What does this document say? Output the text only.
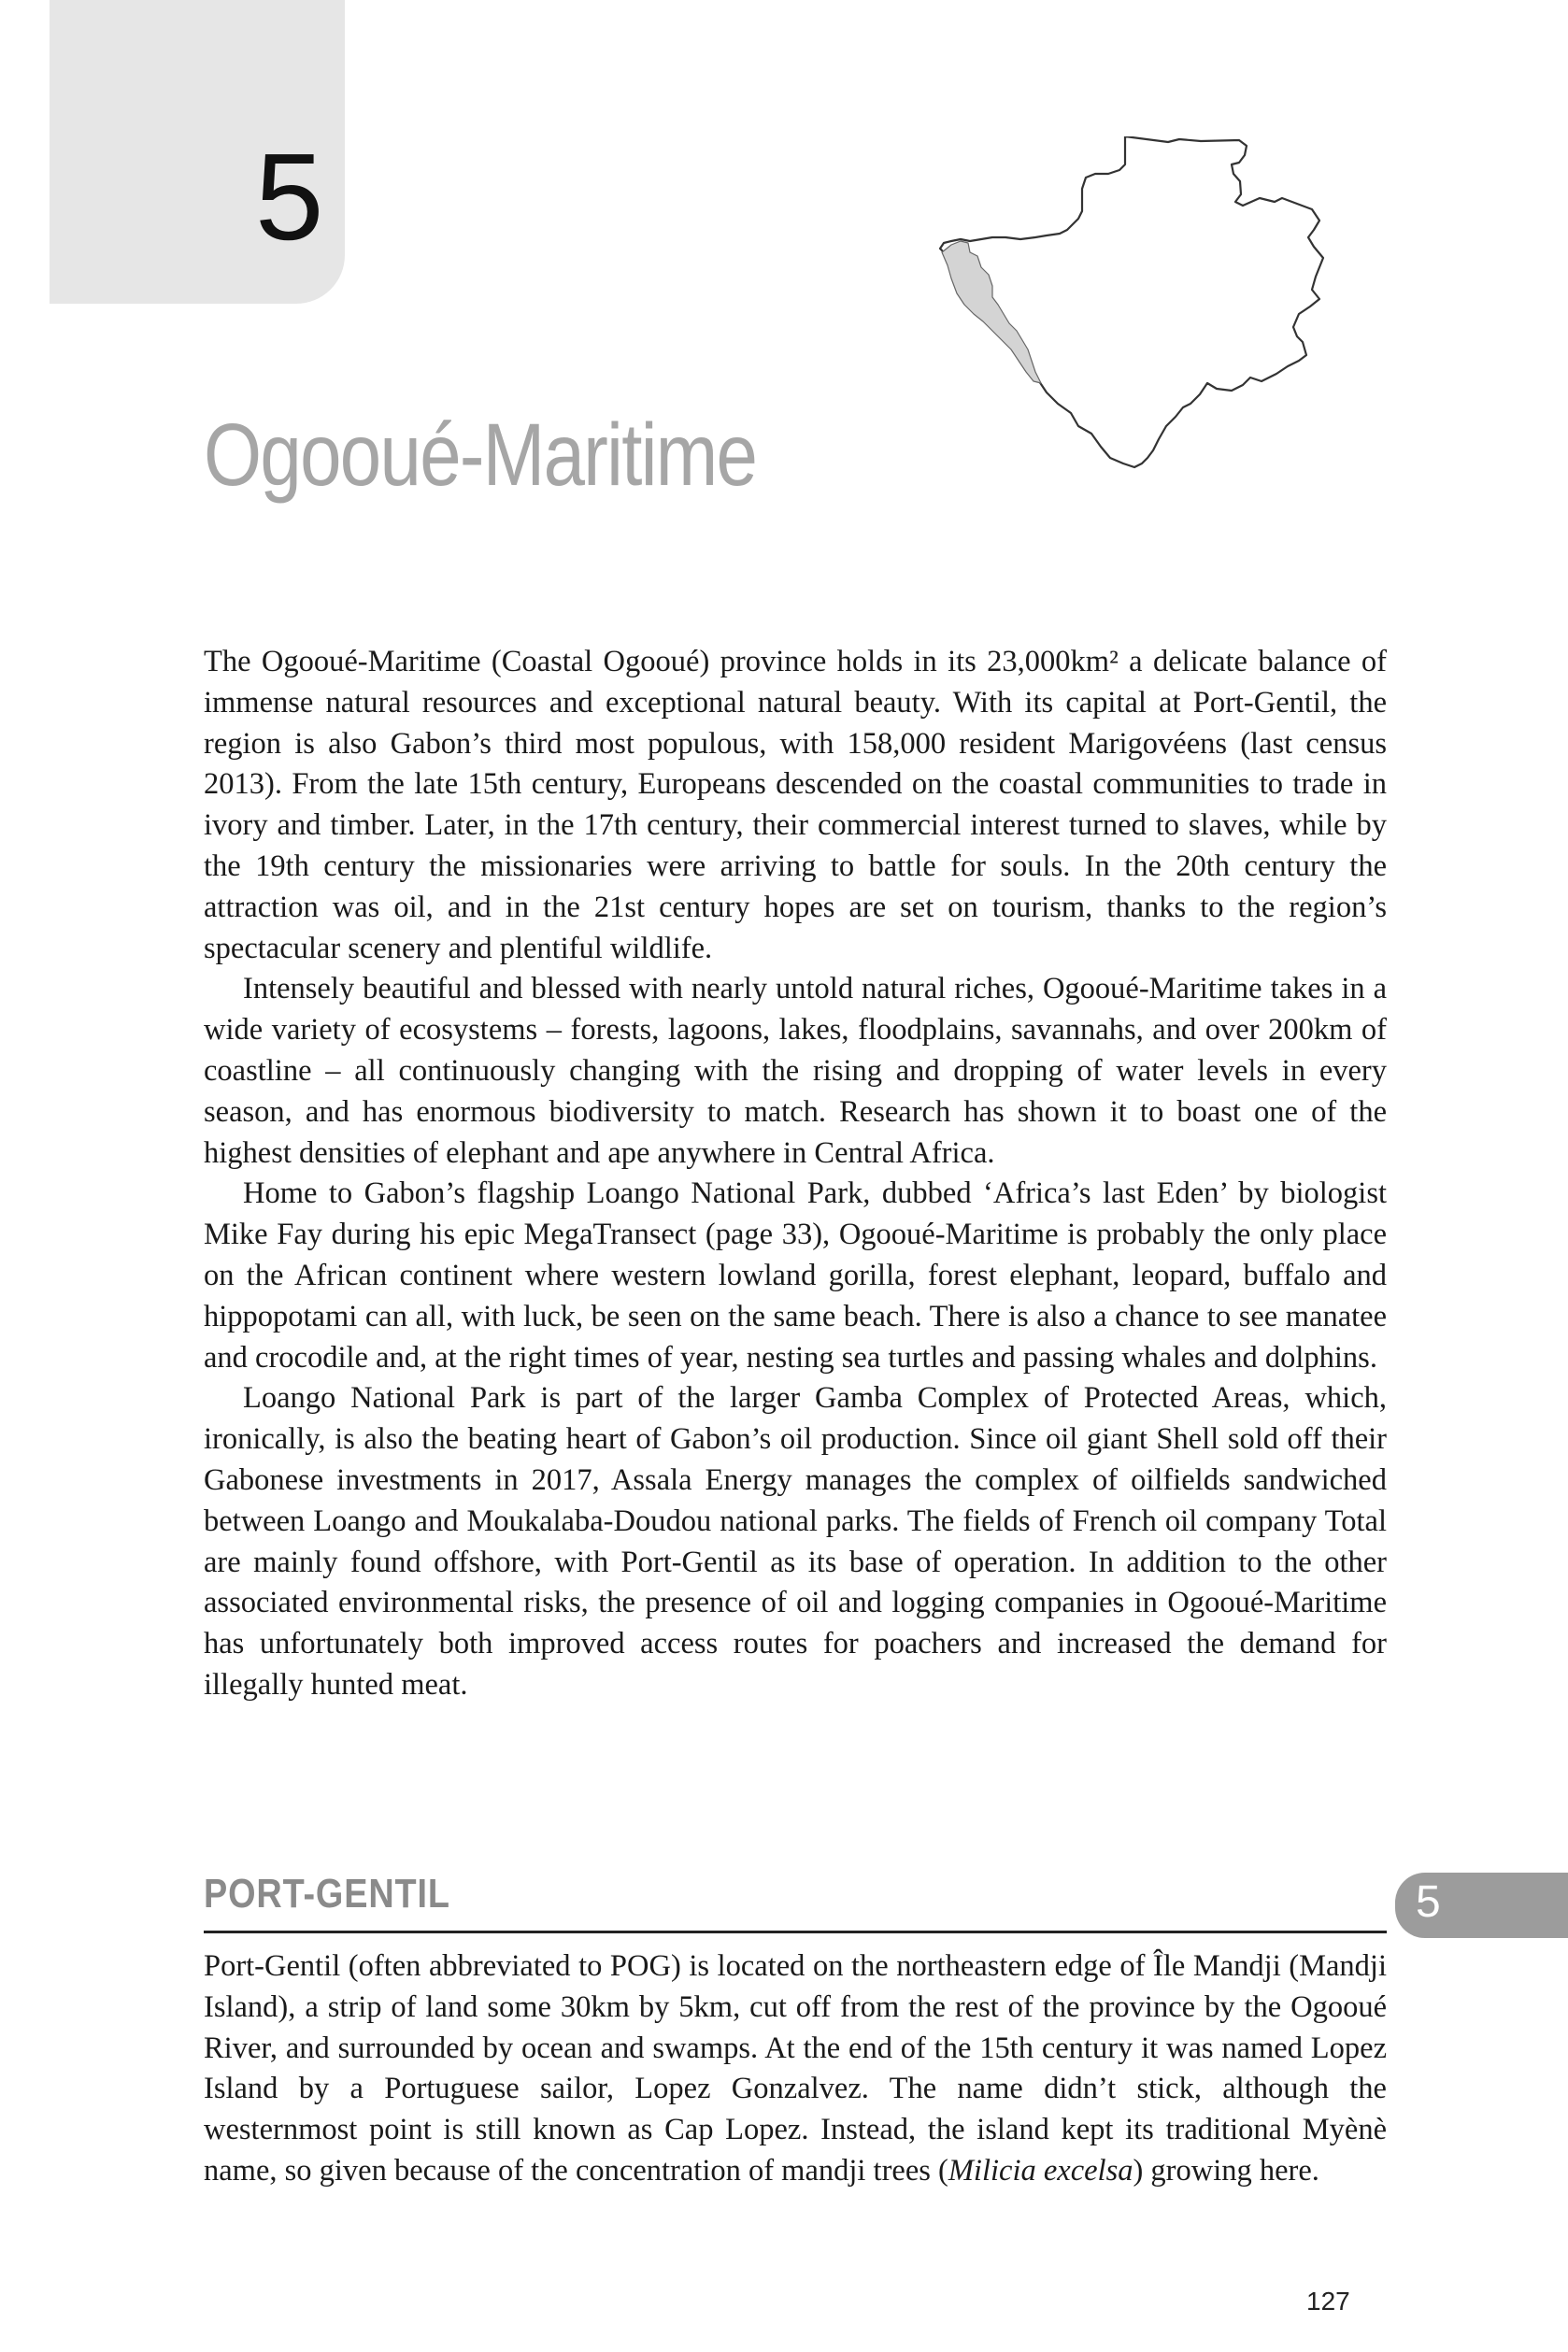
5
Ogooué-Maritime

The Ogooué-Maritime (Coastal Ogooué) province holds in its 23,000km² a delicate balance of immense natural resources and exceptional natural beauty. With its capital at Port-Gentil, the region is also Gabon’s third most populous, with 158,000 resident Marigovéens (last census 2013). From the late 15th century, Europeans descended on the coastal communities to trade in ivory and timber. Later, in the 17th century, their commercial interest turned to slaves, while by the 19th century the missionaries were arriving to battle for souls. In the 20th century the attraction was oil, and in the 21st century hopes are set on tourism, thanks to the region’s spectacular scenery and plentiful wildlife.

Intensely beautiful and blessed with nearly untold natural riches, Ogooué-Maritime takes in a wide variety of ecosystems – forests, lagoons, lakes, floodplains, savannahs, and over 200km of coastline – all continuously changing with the rising and dropping of water levels in every season, and has enormous biodiversity to match. Research has shown it to boast one of the highest densities of elephant and ape anywhere in Central Africa.

Home to Gabon’s flagship Loango National Park, dubbed ‘Africa’s last Eden’ by biologist Mike Fay during his epic MegaTransect (page 33), Ogooué-Maritime is probably the only place on the African continent where western lowland gorilla, forest elephant, leopard, buffalo and hippopotami can all, with luck, be seen on the same beach. There is also a chance to see manatee and crocodile and, at the right times of year, nesting sea turtles and passing whales and dolphins.

Loango National Park is part of the larger Gamba Complex of Protected Areas, which, ironically, is also the beating heart of Gabon’s oil production. Since oil giant Shell sold off their Gabonese investments in 2017, Assala Energy manages the complex of oilfields sandwiched between Loango and Moukalaba-Doudou national parks. The fields of French oil company Total are mainly found offshore, with Port-Gentil as its base of operation. In addition to the other associated environmental risks, the presence of oil and logging companies in Ogooué-Maritime has unfortunately both improved access routes for poachers and increased the demand for illegally hunted meat.

PORT-GENTIL	5

Port-Gentil (often abbreviated to POG) is located on the northeastern edge of Île Mandji (Mandji Island), a strip of land some 30km by 5km, cut off from the rest of the province by the Ogooué River, and surrounded by ocean and swamps. At the end of the 15th century it was named Lopez Island by a Portuguese sailor, Lopez Gonzalvez. The name didn’t stick, although the westernmost point is still known as Cap Lopez. Instead, the island kept its traditional Myènè name, so given because of the concentration of mandji trees (Milicia excelsa) growing here.

127
